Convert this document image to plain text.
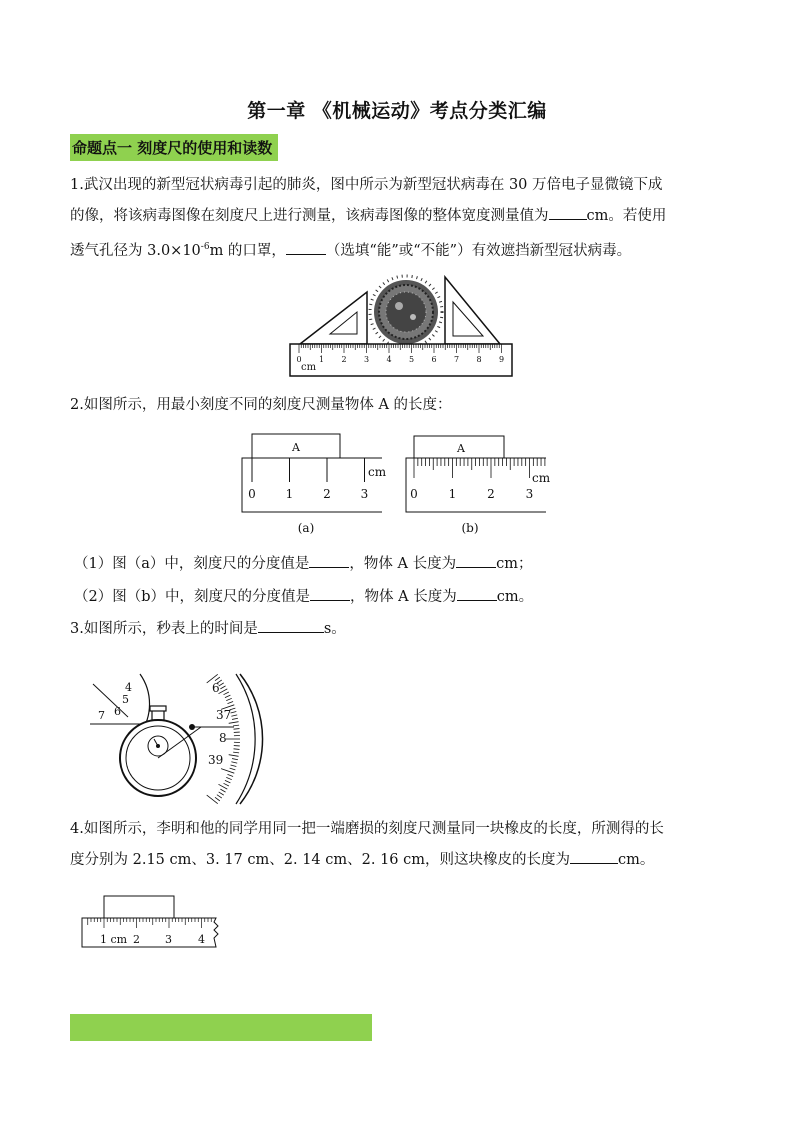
第一章 《机械运动》考点分类汇编
命题点一 刻度尺的使用和读数
1.武汉出现的新型冠状病毒引起的肺炎，图中所示为新型冠状病毒在 30 万倍电子显微镜下成
的像，将该病毒图像在刻度尺上进行测量，该病毒图像的整体宽度测量值为	cm。若使用
透气孔径为 $3.0\times 10^{-6}m$ 的口罩，	（选填“能”或“不能”）有效遮挡新型冠状病毒。
0 1 2 3 4 5 6 7 8 9
cm
2.如图所示，用最小刻度不同的刻度尺测量物体 A 的长度：
A
0 1 2 3
cm
(a)
A
0	1	2	3
cm
(b)
（1）图（a）中，刻度尺的分度值是	，物体 A 长度为	cm；
（2）图（b）中，刻度尺的分度值是	，物体 A 长度为	cm。
3.如图所示，秒表上的时间是	s。
4
5
6
7
6
37
8
39
4.如图所示，李明和他的同学用同一把一端磨损的刻度尺测量同一块橡皮的长度，所测得的长
度分别为 2.15 cm、3. 17 cm、2. 14 cm、2. 16 cm，则这块橡皮的长度为	cm。
1 cm 2 3 4
